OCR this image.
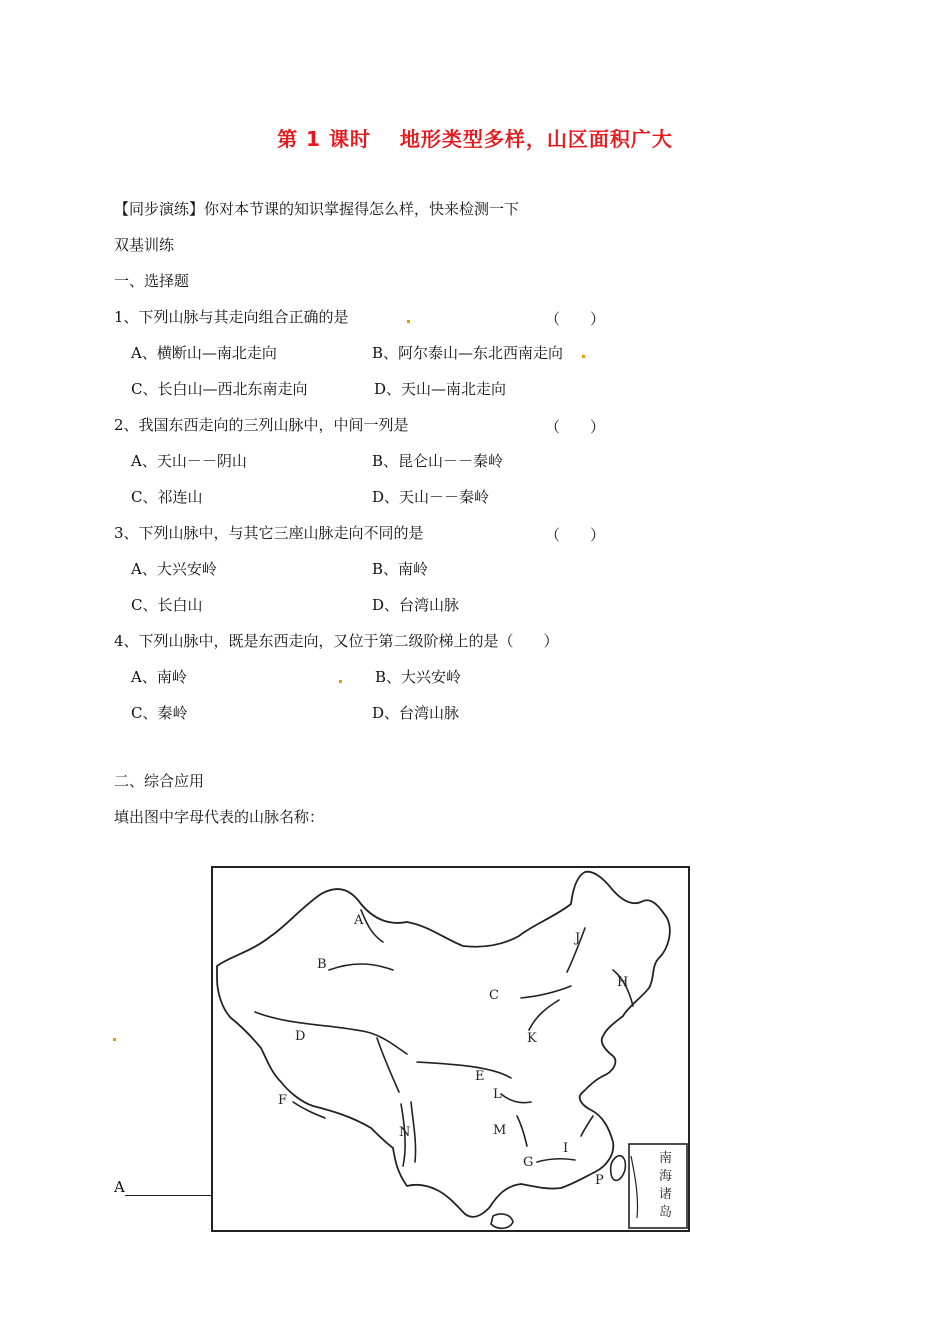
第 1 课时　 地形类型多样，山区面积广大
【同步演练】你对本节课的知识掌握得怎么样，快来检测一下
双基训练
一、选择题
1、下列山脉与其走向组合正确的是	（　　）
A、横断山—南北走向	B、阿尔泰山—东北西南走向
C、长白山—西北东南走向	D、天山—南北走向
2、我国东西走向的三列山脉中，中间一列是	（　　）
A、天山－－阴山	B、昆仑山－－秦岭
C、祁连山	D、天山－－秦岭
3、下列山脉中，与其它三座山脉走向不同的是	（　　）
A、大兴安岭	B、南岭
C、长白山	D、台湾山脉
4、下列山脉中，既是东西走向，又位于第二级阶梯上的是（　　）
A、南岭	B、大兴安岭
C、秦岭	D、台湾山脉
二、综合应用
填出图中字母代表的山脉名称：
A
A
B
C
D
E
F
G
H
I
J
K
L
M
N
P
南
海
诸
岛
